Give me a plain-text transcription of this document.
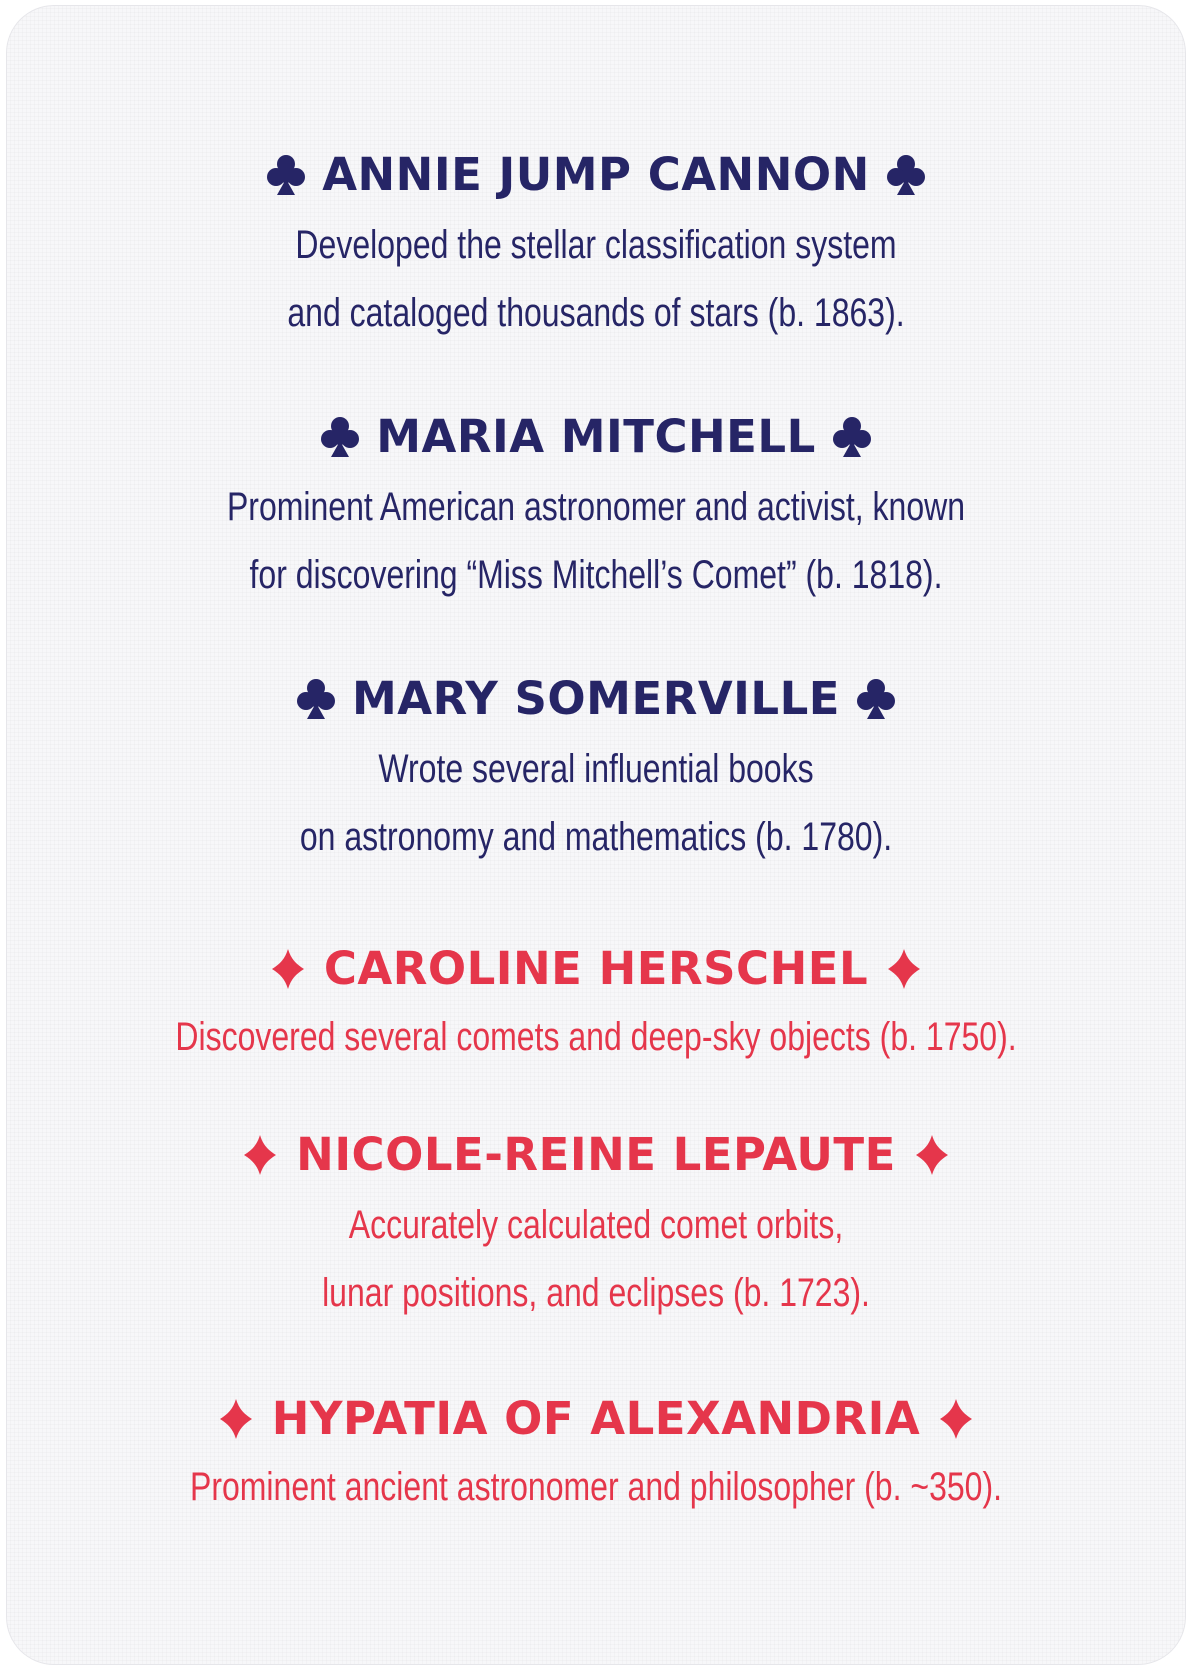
ANNIE JUMP CANNON
Developed the stellar classification system
and cataloged thousands of stars (b. 1863).
MARIA MITCHELL
Prominent American astronomer and activist, known
for discovering “Miss Mitchell’s Comet” (b. 1818).
MARY SOMERVILLE
Wrote several influential books
on astronomy and mathematics (b. 1780).
CAROLINE HERSCHEL
Discovered several comets and deep-sky objects (b. 1750).
NICOLE-REINE LEPAUTE
Accurately calculated comet orbits,
lunar positions, and eclipses (b. 1723).
HYPATIA OF ALEXANDRIA
Prominent ancient astronomer and philosopher (b. ~350).
